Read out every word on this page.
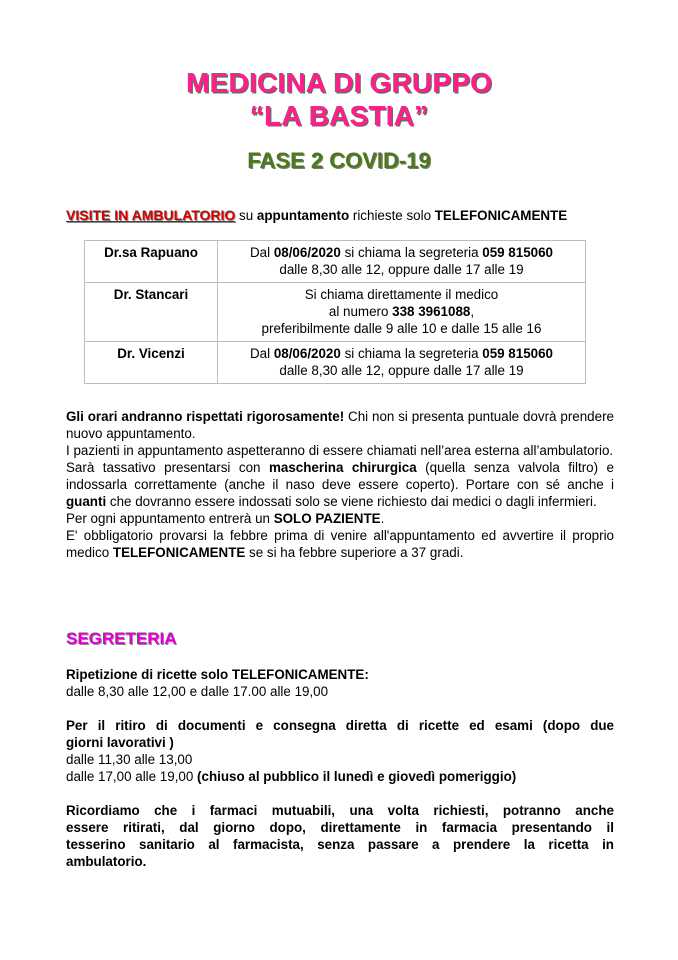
MEDICINA DI GRUPPO
“LA BASTIA”
FASE 2 COVID-19
VISITE IN AMBULATORIO su appuntamento richieste solo TELEFONICAMENTE
Dr.sa Rapuano	Dal 08/06/2020 si chiama la segreteria 059 815060
dalle 8,30 alle 12, oppure dalle 17 alle 19

Dr. Stancari	Si chiama direttamente il medico
al numero 338 3961088,
preferibilmente dalle 9 alle 10 e dalle 15 alle 16

Dr. Vicenzi	Dal 08/06/2020 si chiama la segreteria 059 815060
dalle 8,30 alle 12, oppure dalle 17 alle 19

Gli orari andranno rispettati rigorosamente! Chi non si presenta puntuale dovrà prendere nuovo appuntamento.

I pazienti in appuntamento aspetteranno di essere chiamati nell’area esterna all’ambulatorio.

Sarà tassativo presentarsi con mascherina chirurgica (quella senza valvola filtro) e indossarla correttamente (anche il naso deve essere coperto). Portare con sé anche i guanti che dovranno essere indossati solo se viene richiesto dai medici o dagli infermieri.

Per ogni appuntamento entrerà un SOLO PAZIENTE.

E' obbligatorio provarsi la febbre prima di venire all'appuntamento ed avvertire il proprio medico TELEFONICAMENTE se si ha febbre superiore a 37 gradi.

SEGRETERIA

Ripetizione di ricette solo TELEFONICAMENTE:

dalle 8,30 alle 12,00 e dalle 17.00 alle 19,00

Per il ritiro di documenti e consegna diretta di ricette ed esami (dopo due

giorni lavorativi )

dalle 11,30 alle 13,00

dalle 17,00 alle 19,00 (chiuso al pubblico il lunedì e giovedì pomeriggio)

Ricordiamo che i farmaci mutuabili, una volta richiesti, potranno anche

essere ritirati, dal giorno dopo, direttamente in farmacia presentando il

tesserino sanitario al farmacista, senza passare a prendere la ricetta in

ambulatorio.
